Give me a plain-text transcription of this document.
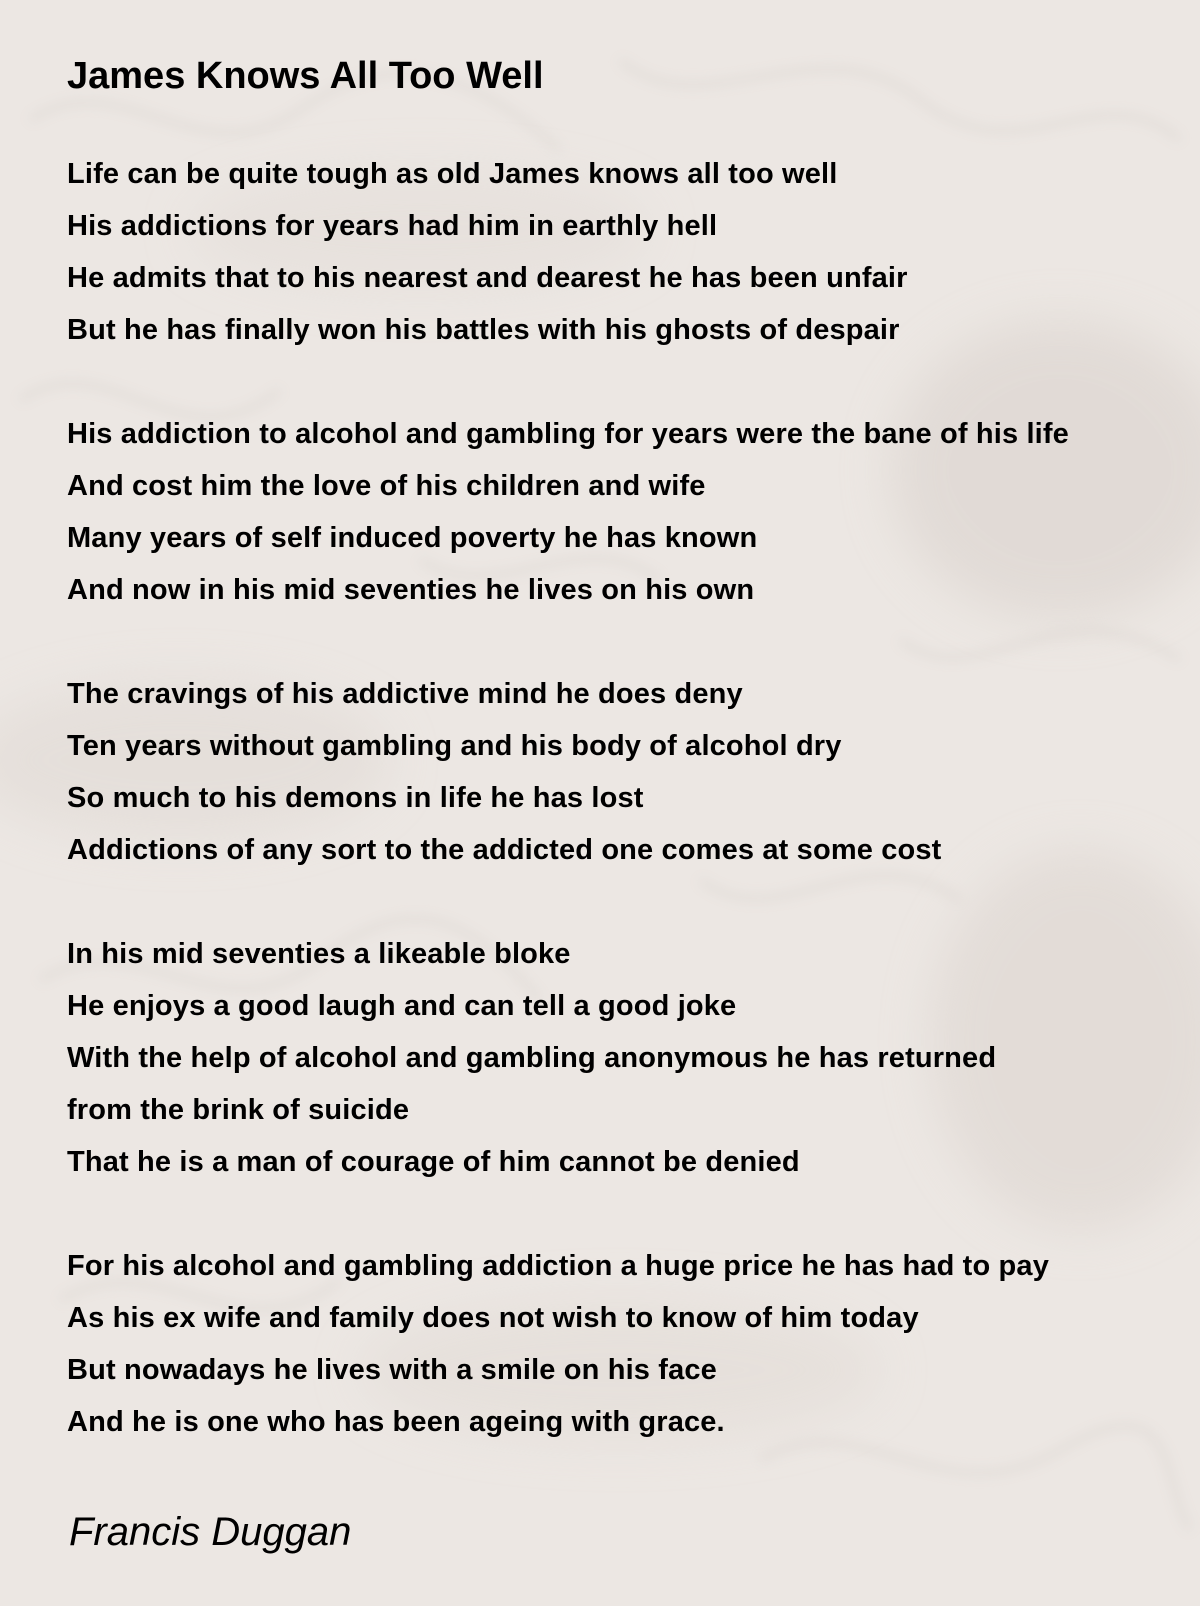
James Knows All Too Well

Life can be quite tough as old James knows all too well

His addictions for years had him in earthly hell

He admits that to his nearest and dearest he has been unfair

But he has finally won his battles with his ghosts of despair

His addiction to alcohol and gambling for years were the bane of his life

And cost him the love of his children and wife

Many years of self induced poverty he has known

And now in his mid seventies he lives on his own

The cravings of his addictive mind he does deny

Ten years without gambling and his body of alcohol dry

So much to his demons in life he has lost

Addictions of any sort to the addicted one comes at some cost

In his mid seventies a likeable bloke

He enjoys a good laugh and can tell a good joke

With the help of alcohol and gambling anonymous he has returned

from the brink of suicide

That he is a man of courage of him cannot be denied

For his alcohol and gambling addiction a huge price he has had to pay

As his ex wife and family does not wish to know of him today

But nowadays he lives with a smile on his face

And he is one who has been ageing with grace.

Francis Duggan
